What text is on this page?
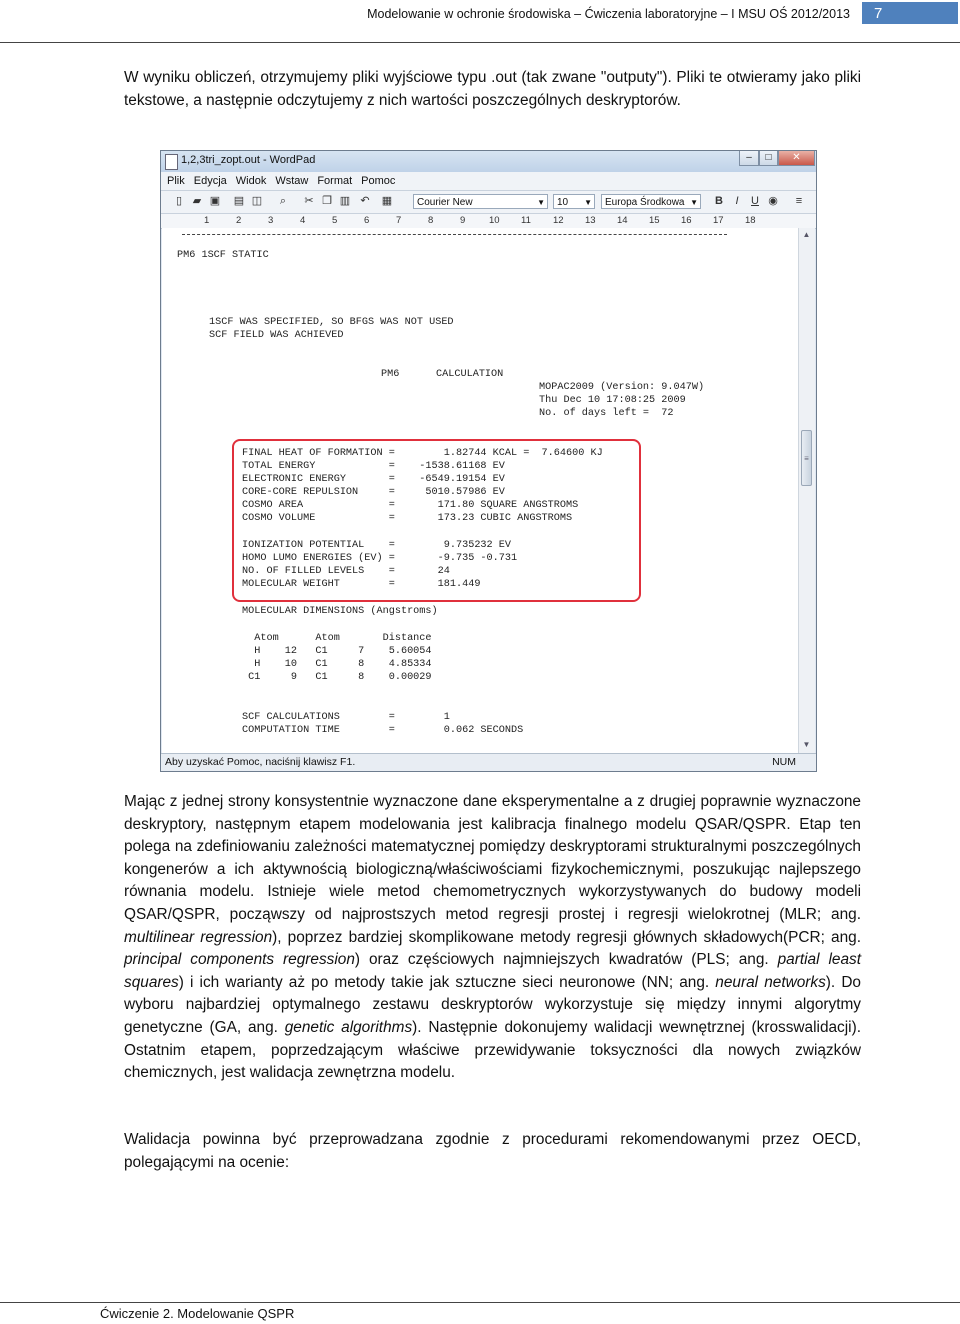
Modelowanie w ochronie środowiska – Ćwiczenia laboratoryjne – I MSU OŚ 2012/2013	7

W wyniku obliczeń, otrzymujemy pliki wyjściowe typu .out (tak zwane "outputy"). Pliki te otwieramy jako pliki tekstowe, a następnie odczytujemy z nich wartości poszczególnych deskryptorów.

1,2,3tri_zopt.out - WordPad	–	□	✕
Plik Edycja Widok Wstaw Format Pomoc
▯ ▰ ▣ ▤ ◫ ⌕ ✂ ❐ ▥ ↶ ▦	Courier New	▼	10 ▼	Europa Środkowa ▼ B	I	U ◉ ≡
1	2	3	4	5	6	7	8	9 10 11 12 13 14 15 16 17 18
PM6 1SCF STATIC
1SCF WAS SPECIFIED, SO BFGS WAS NOT USED
SCF FIELD WAS ACHIEVED
PM6      CALCULATION
MOPAC2009 (Version: 9.047W)
Thu Dec 10 17:08:25 2009
No. of days left =  72
FINAL HEAT OF FORMATION =        1.82744 KCAL =  7.64600 KJ
TOTAL ENERGY            =    -1538.61168 EV
ELECTRONIC ENERGY       =    -6549.19154 EV
CORE-CORE REPULSION     =     5010.57986 EV
COSMO AREA              =       171.80 SQUARE ANGSTROMS
COSMO VOLUME            =       173.23 CUBIC ANGSTROMS
IONIZATION POTENTIAL    =        9.735232 EV
HOMO LUMO ENERGIES (EV) =       -9.735 -0.731
NO. OF FILLED LEVELS    =       24
MOLECULAR WEIGHT        =       181.449
MOLECULAR DIMENSIONS (Angstroms)
Atom      Atom       Distance
H    12   C1     7    5.60054
H    10   C1     8    4.85334
C1     9   C1     8    0.00029
SCF CALCULATIONS        =        1
COMPUTATION TIME        =        0.062 SECONDS
▲
≡
▼
Aby uzyskać Pomoc, naciśnij klawisz F1.	NUM

Mając z jednej strony konsystentnie wyznaczone dane eksperymentalne a z drugiej poprawnie wyznaczone deskryptory, następnym etapem modelowania jest kalibracja finalnego modelu QSAR/QSPR. Etap ten polega na zdefiniowaniu zależności matematycznej pomiędzy deskryptorami strukturalnymi poszczególnych kongenerów a ich aktywnością biologiczną/właściwościami fizykochemicznymi, poszukując najlepszego równania modelu. Istnieje wiele metod chemometrycznych wykorzystywanych do budowy modeli QSAR/QSPR, począwszy od najprostszych metod regresji prostej i regresji wielokrotnej (MLR; ang. multilinear regression), poprzez bardziej skomplikowane metody regresji głównych składowych(PCR; ang. principal components regression) oraz częściowych najmniejszych kwadratów (PLS; ang. partial least squares) i ich warianty aż po metody takie jak sztuczne sieci neuronowe (NN; ang. neural networks). Do wyboru najbardziej optymalnego zestawu deskryptorów wykorzystuje się między innymi algorytmy genetyczne (GA, ang. genetic algorithms). Następnie dokonujemy walidacji wewnętrznej (krosswalidacji). Ostatnim etapem, poprzedzającym właściwe przewidywanie toksyczności dla nowych związków chemicznych, jest walidacja zewnętrzna modelu.

Walidacja powinna być przeprowadzana zgodnie z procedurami rekomendowanymi przez OECD, polegającymi na ocenie:

Ćwiczenie 2. Modelowanie QSPR
